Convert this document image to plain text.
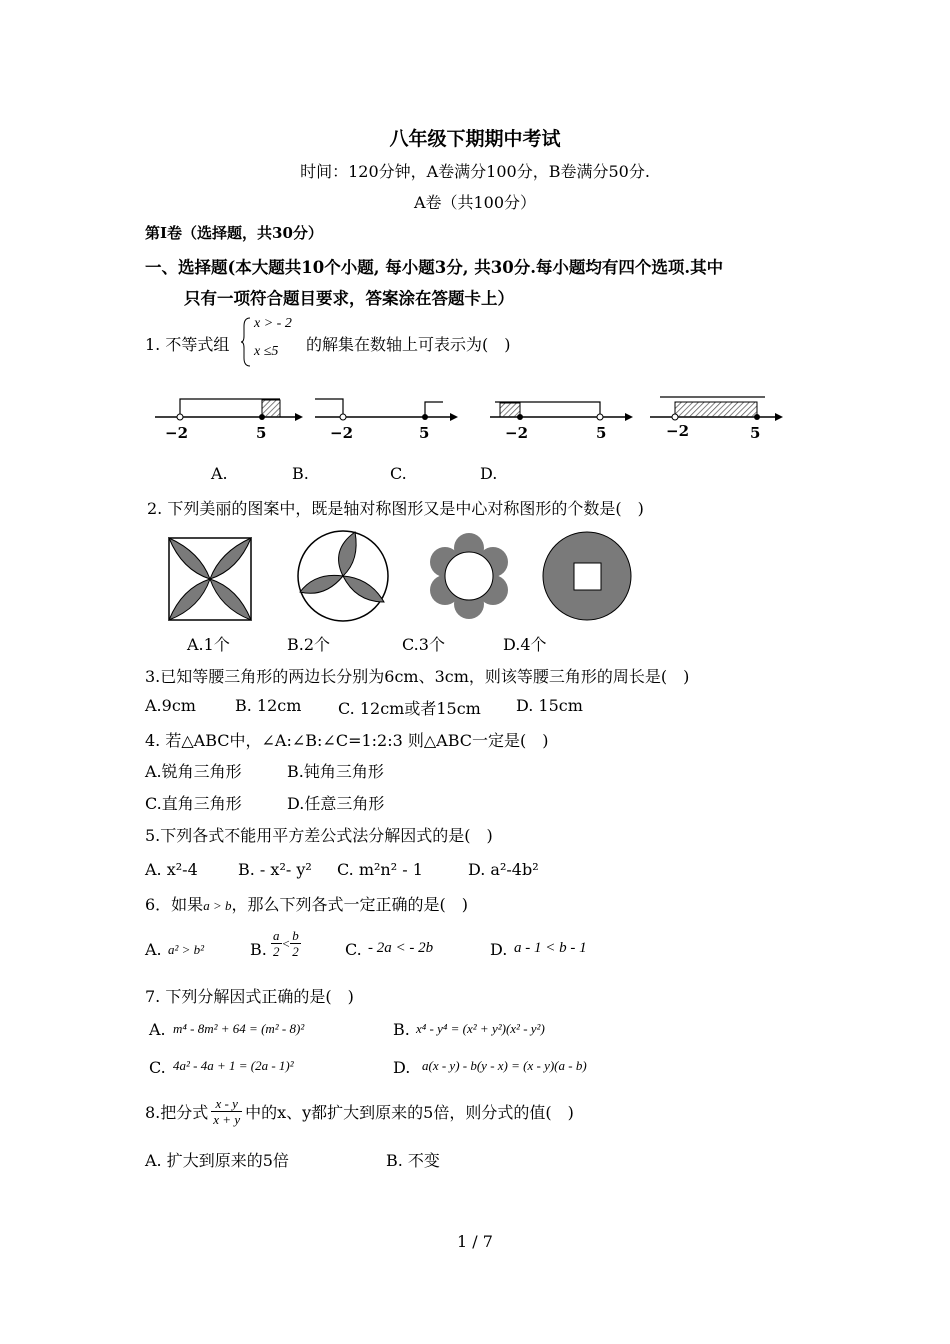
八年级下期期中考试
时间：120分钟，A卷满分100分，B卷满分50分.
A卷（共100分）
第Ⅰ卷（选择题，共30分）
一、选择题(本大题共10个小题, 每小题3分, 共30分.每小题均有四个选项.其中
只有一项符合题目要求，答案涂在答题卡上）
1. 不等式组
x > - 2
x ≤5 的解集在数轴上可表示为(　)
−2	5	−2	5	−2	5	−2	5
A.	B.	C.	D.
2. 下列美丽的图案中，既是轴对称图形又是中心对称图形的个数是(　)
A.1个	B.2个	C.3个	D.4个
3.已知等腰三角形的两边长分别为6cm、3cm，则该等腰三角形的周长是(　)
A.9cm B. 12cm C. 12cm或者15cm D. 15cm
4. 若△ABC中，∠A:∠B:∠C=1:2:3 则△ABC一定是(　)
A.锐角三角形	B.钝角三角形
C.直角三角形	D.任意三角形
5.下列各式不能用平方差公式法分解因式的是(　)
A. x²-4	B. - x²- y² C. m²n² - 1	D. a²-4b²
6．如果a > b，那么下列各式一定正确的是(　)
A. a² > b²	B. $\frac{a}{2} < \frac{b}{2}$	C. - 2a < - 2b	D. a - 1 < b - 1
7. 下列分解因式正确的是(　)
A. m⁴ - 8m² + 64 = (m² - 8)²	B. x⁴ - y⁴ = (x² + y²)(x² - y²)
C. 4a² - 4a + 1 = (2a - 1)²	D. a(x - y) - b(y - x) = (x - y)(a - b)
8.把分式 $\frac{x - y}{x + y}$ 中的x、y都扩大到原来的5倍，则分式的值(　)
A. 扩大到原来的5倍	B. 不变
1 / 7
